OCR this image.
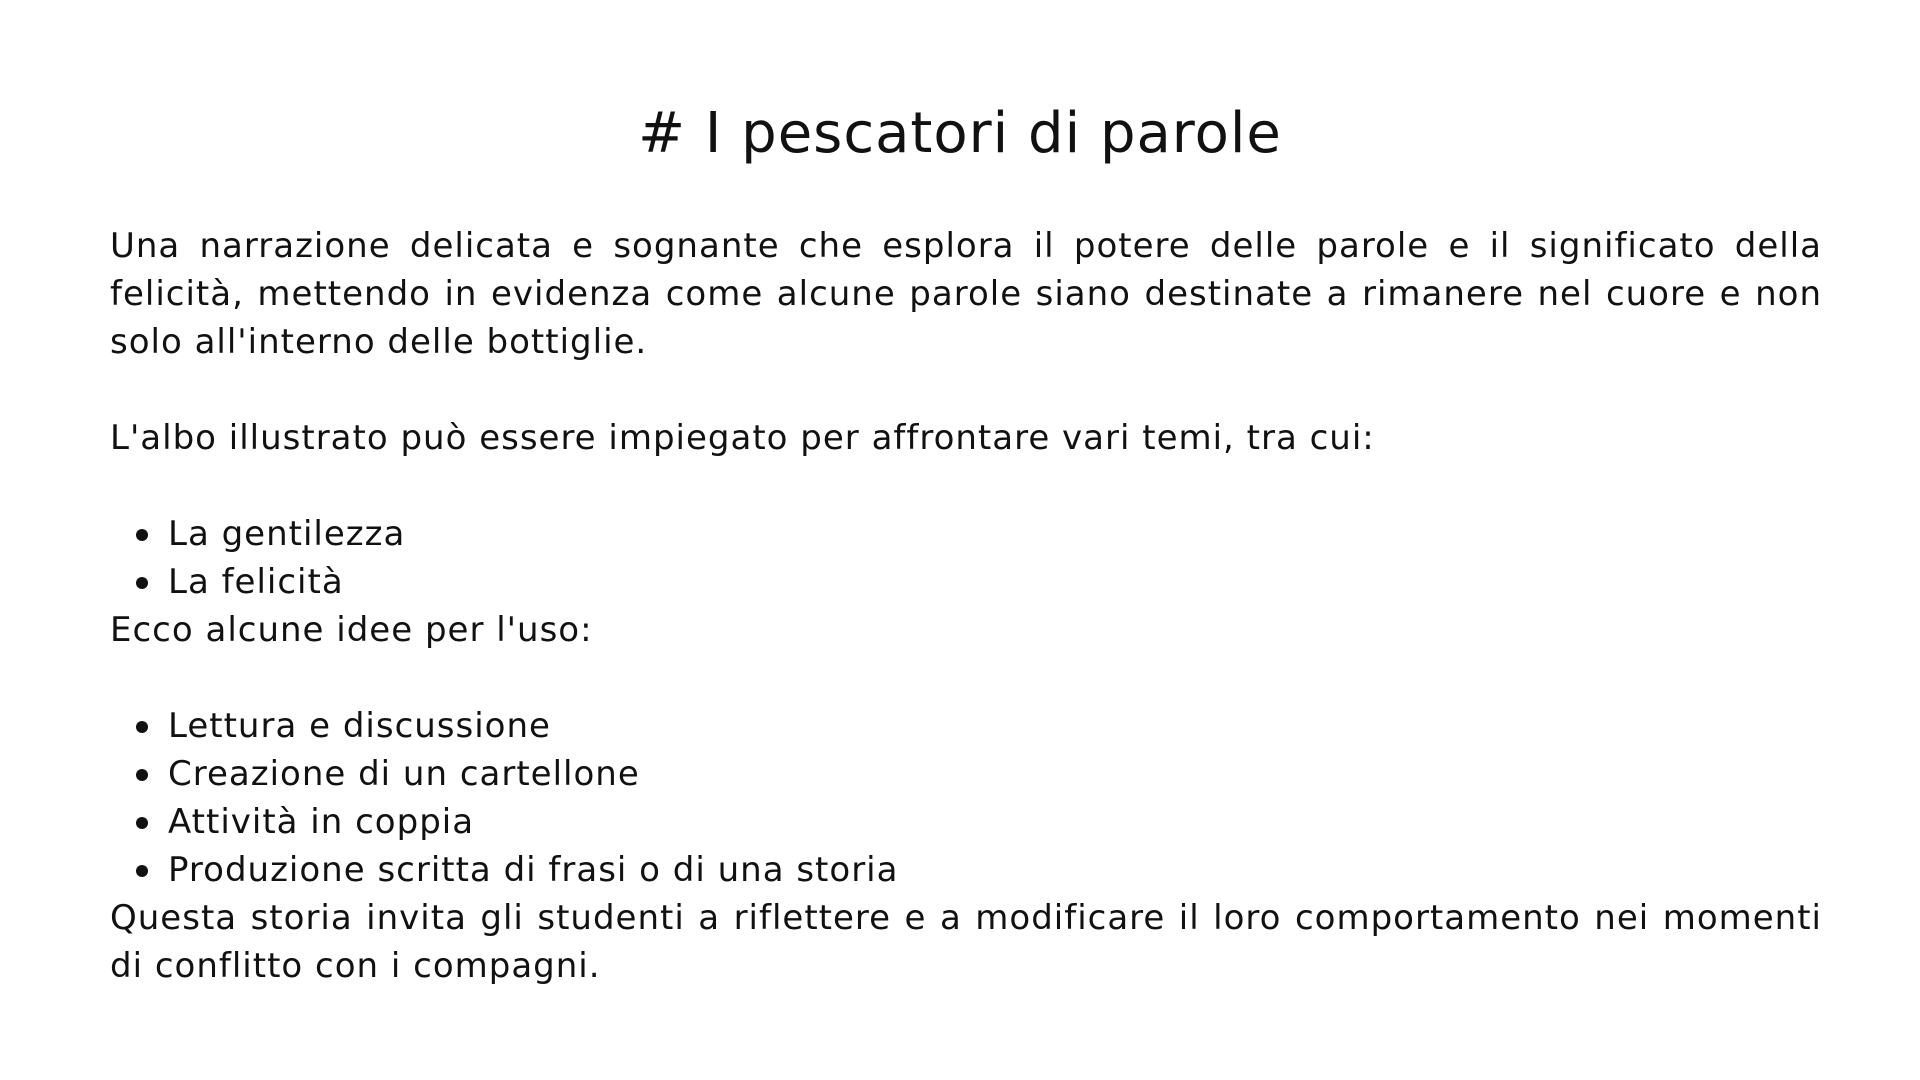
# I pescatori di parole

Una narrazione delicata e sognante che esplora il potere delle parole e il significato della felicità, mettendo in evidenza come alcune parole siano destinate a rimanere nel cuore e non solo all'interno delle bottiglie.

L'albo illustrato può essere impiegato per affrontare vari temi, tra cui:

La gentilezza
La felicità

Ecco alcune idee per l'uso:

Lettura e discussione
Creazione di un cartellone
Attività in coppia
Produzione scritta di frasi o di una storia

Questa storia invita gli studenti a riflettere e a modificare il loro comportamento nei momenti di conflitto con i compagni.
